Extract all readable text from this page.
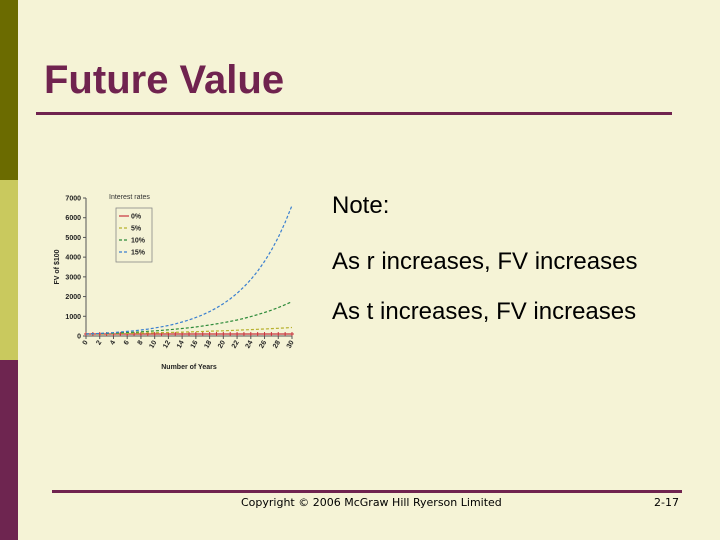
Future Value
0
1000
2000
3000
4000
5000
6000
7000
0 2 4 6 8 10 12 14 16 18 20 22 24 26 28 30
Number of Years
FV of $100
Interest rates
0%
5%
10%
15%
Note:
As r increases, FV increases
As t increases, FV increases
Copyright © 2006 McGraw Hill Ryerson Limited	2-17
